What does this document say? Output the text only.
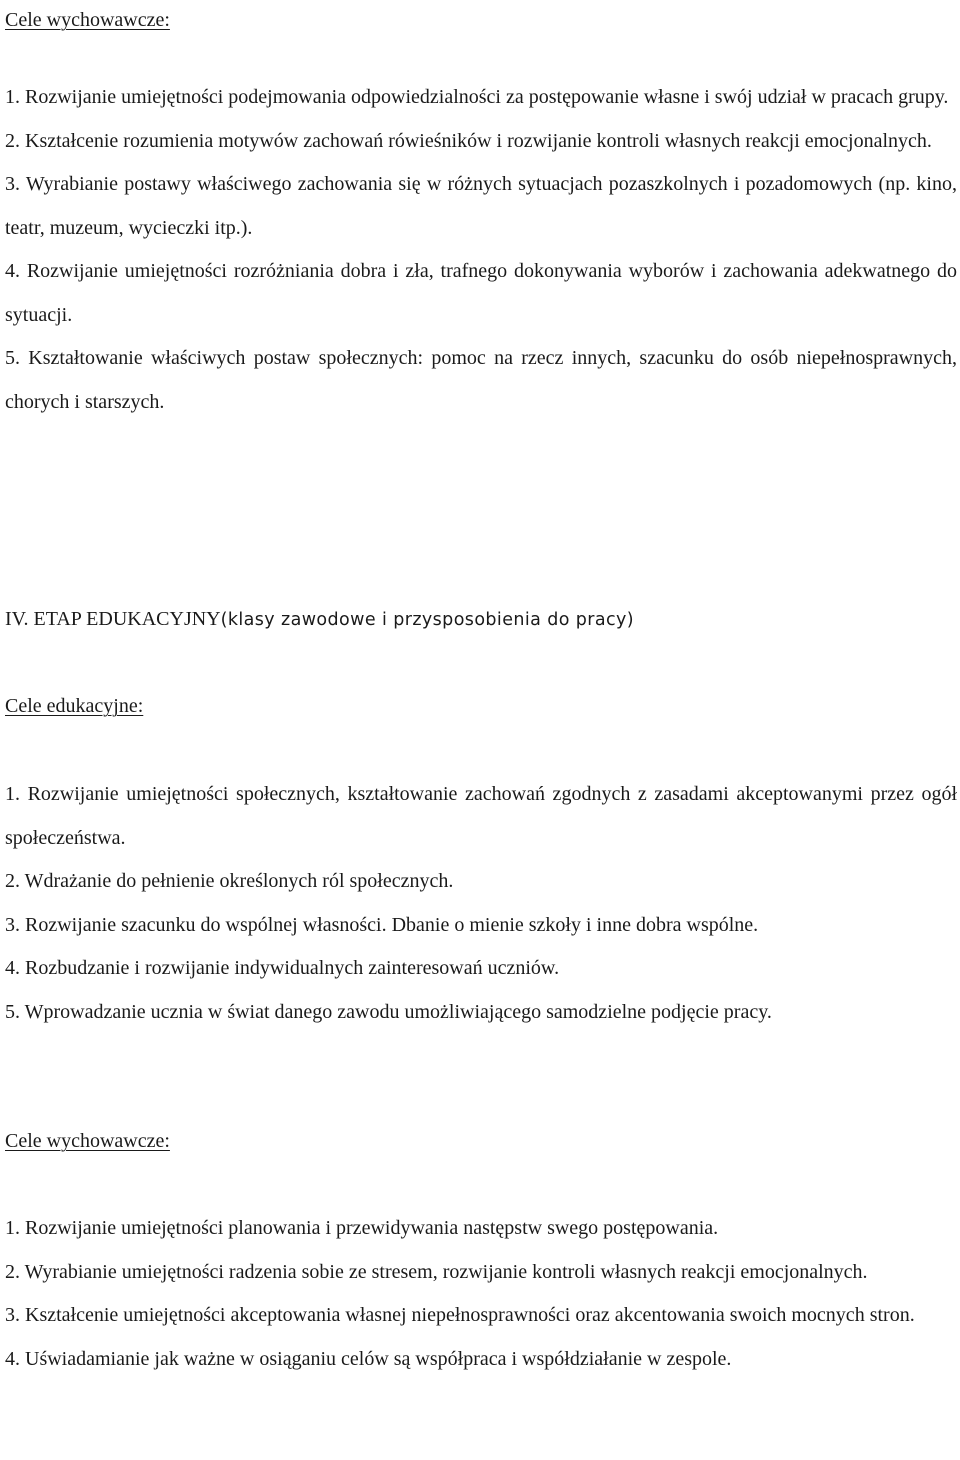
Cele wychowawcze:
1. Rozwijanie umiejętności podejmowania odpowiedzialności za postępowanie własne i swój udział w pracach grupy.
2. Kształcenie rozumienia motywów zachowań rówieśników i rozwijanie kontroli własnych reakcji emocjonalnych.
3. Wyrabianie postawy właściwego zachowania się w różnych sytuacjach pozaszkolnych i pozadomowych (np. kino, teatr, muzeum, wycieczki itp.).
4. Rozwijanie umiejętności rozróżniania dobra i zła, trafnego dokonywania wyborów i zachowania adekwatnego do sytuacji.
5. Kształtowanie właściwych postaw społecznych: pomoc na rzecz innych, szacunku do osób niepełnosprawnych, chorych i starszych.
IV. ETAP EDUKACYJNY(klasy zawodowe i przysposobienia do pracy)
Cele edukacyjne:
1. Rozwijanie umiejętności społecznych, kształtowanie zachowań zgodnych z zasadami akceptowanymi przez ogół społeczeństwa.
2. Wdrażanie do pełnienie określonych ról społecznych.
3. Rozwijanie szacunku do wspólnej własności. Dbanie o mienie szkoły i inne dobra wspólne.
4. Rozbudzanie i rozwijanie indywidualnych zainteresowań uczniów.
5. Wprowadzanie ucznia w świat danego zawodu umożliwiającego samodzielne podjęcie pracy.
Cele wychowawcze:
1. Rozwijanie umiejętności planowania i przewidywania następstw swego postępowania.
2. Wyrabianie umiejętności radzenia sobie ze stresem, rozwijanie kontroli własnych reakcji emocjonalnych.
3. Kształcenie umiejętności akceptowania własnej niepełnosprawności oraz akcentowania swoich mocnych stron.
4. Uświadamianie jak ważne w osiąganiu celów są współpraca i współdziałanie w zespole.
